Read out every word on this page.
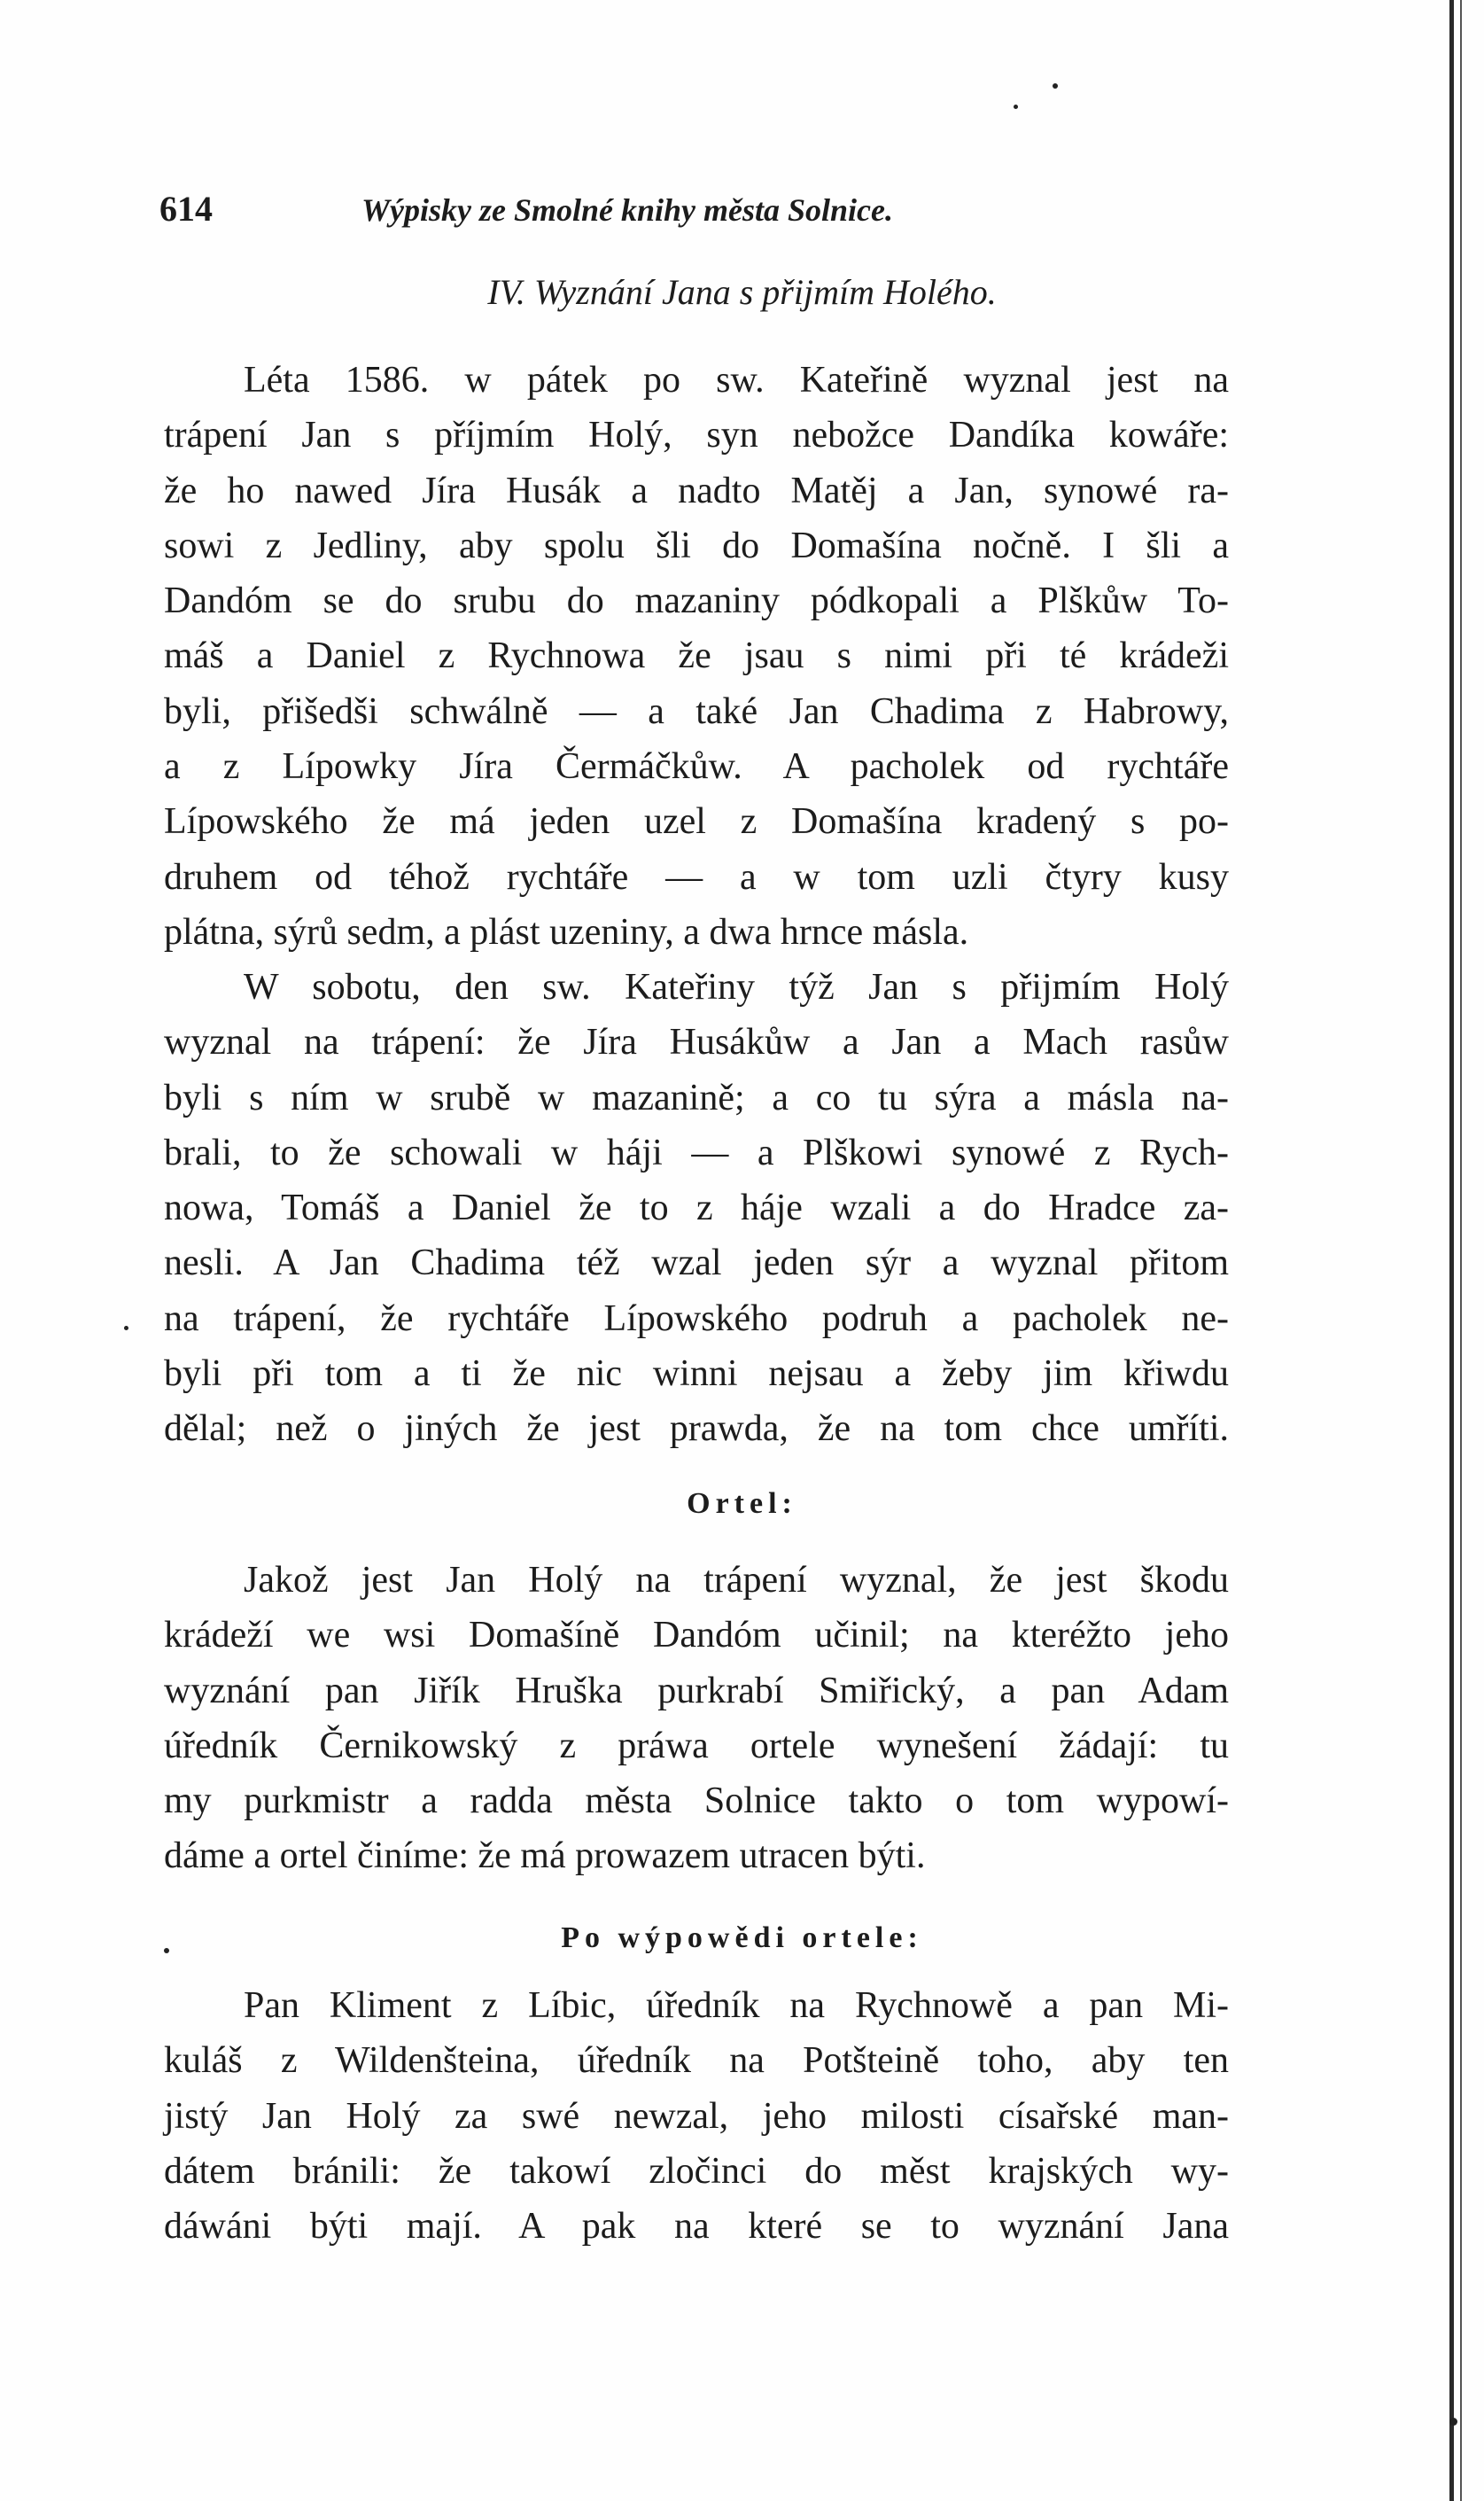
614	Wýpisky ze Smolné knihy města Solnice.
IV. Wyznání Jana s přijmím Holého.
Léta 1586. w pátek po sw. Kateřině wyznal jest na
trápení Jan s příjmím Holý, syn nebožce Dandíka kowáře:
že ho nawed Jíra Husák a nadto Matěj a Jan, synowé ra-
sowi z Jedliny, aby spolu šli do Domašína nočně. I šli a
Dandóm se do srubu do mazaniny pódkopali a Plškůw To-
máš a Daniel z Rychnowa že jsau s nimi při té krádeži
byli, přišedši schwálně — a také Jan Chadima z Habrowy,
a z Lípowky Jíra Čermáčkůw. A pacholek od rychtáře
Lípowského že má jeden uzel z Domašína kradený s po-
druhem od téhož rychtáře — a w tom uzli čtyry kusy
plátna, sýrů sedm, a plást uzeniny, a dwa hrnce másla.
W sobotu, den sw. Kateřiny týž Jan s přijmím Holý
wyznal na trápení: že Jíra Husákůw a Jan a Mach rasůw
byli s ním w srubě w mazanině; a co tu sýra a másla na-
brali, to že schowali w háji — a Plškowi synowé z Rych-
nowa, Tomáš a Daniel že to z háje wzali a do Hradce za-
nesli. A Jan Chadima též wzal jeden sýr a wyznal přitom
na trápení, že rychtáře Lípowského podruh a pacholek ne-
byli při tom a ti že nic winni nejsau a žeby jim křiwdu
dělal; než o jiných že jest prawda, že na tom chce umříti.
Ortel:
Jakož jest Jan Holý na trápení wyznal, že jest škodu
krádeží we wsi Domašíně Dandóm učinil; na kteréžto jeho
wyznání pan Jiřík Hruška purkrabí Smiřický, a pan Adam
úředník Černikowský z práwa ortele wynešení žádají: tu
my purkmistr a radda města Solnice takto o tom wypowí-
dáme a ortel činíme: že má prowazem utracen býti.
Po wýpowědi ortele:
Pan Kliment z Líbic, úředník na Rychnowě a pan Mi-
kuláš z Wildenšteina, úředník na Potšteině toho, aby ten
jistý Jan Holý za swé newzal, jeho milosti císařské man-
dátem bránili: že takowí zločinci do měst krajských wy-
dáwáni býti mají. A pak na které se to wyznání Jana
